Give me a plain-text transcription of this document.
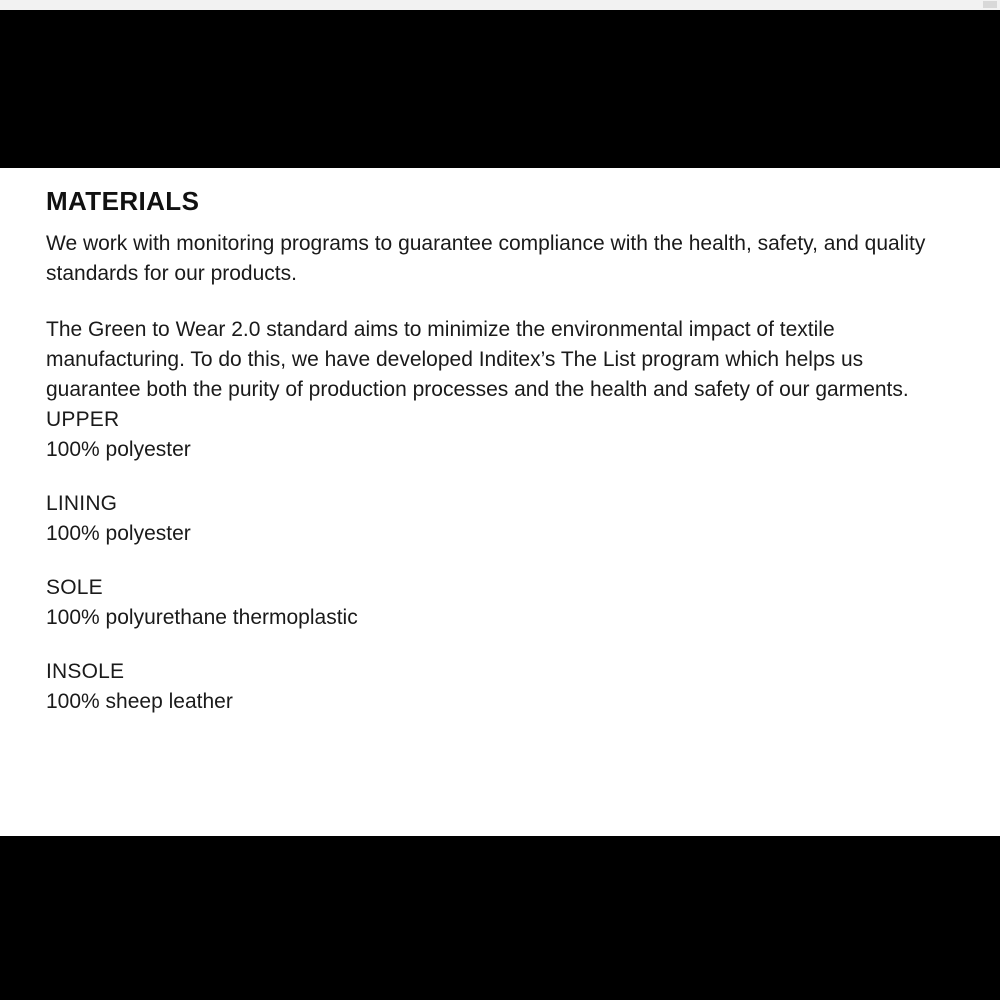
MATERIALS

We work with monitoring programs to guarantee compliance with the health, safety, and quality standards for our products.

The Green to Wear 2.0 standard aims to minimize the environmental impact of textile manufacturing. To do this, we have developed Inditex’s The List program which helps us guarantee both the purity of production processes and the health and safety of our garments.

UPPER
100% polyester
LINING
100% polyester
SOLE
100% polyurethane thermoplastic
INSOLE
100% sheep leather
